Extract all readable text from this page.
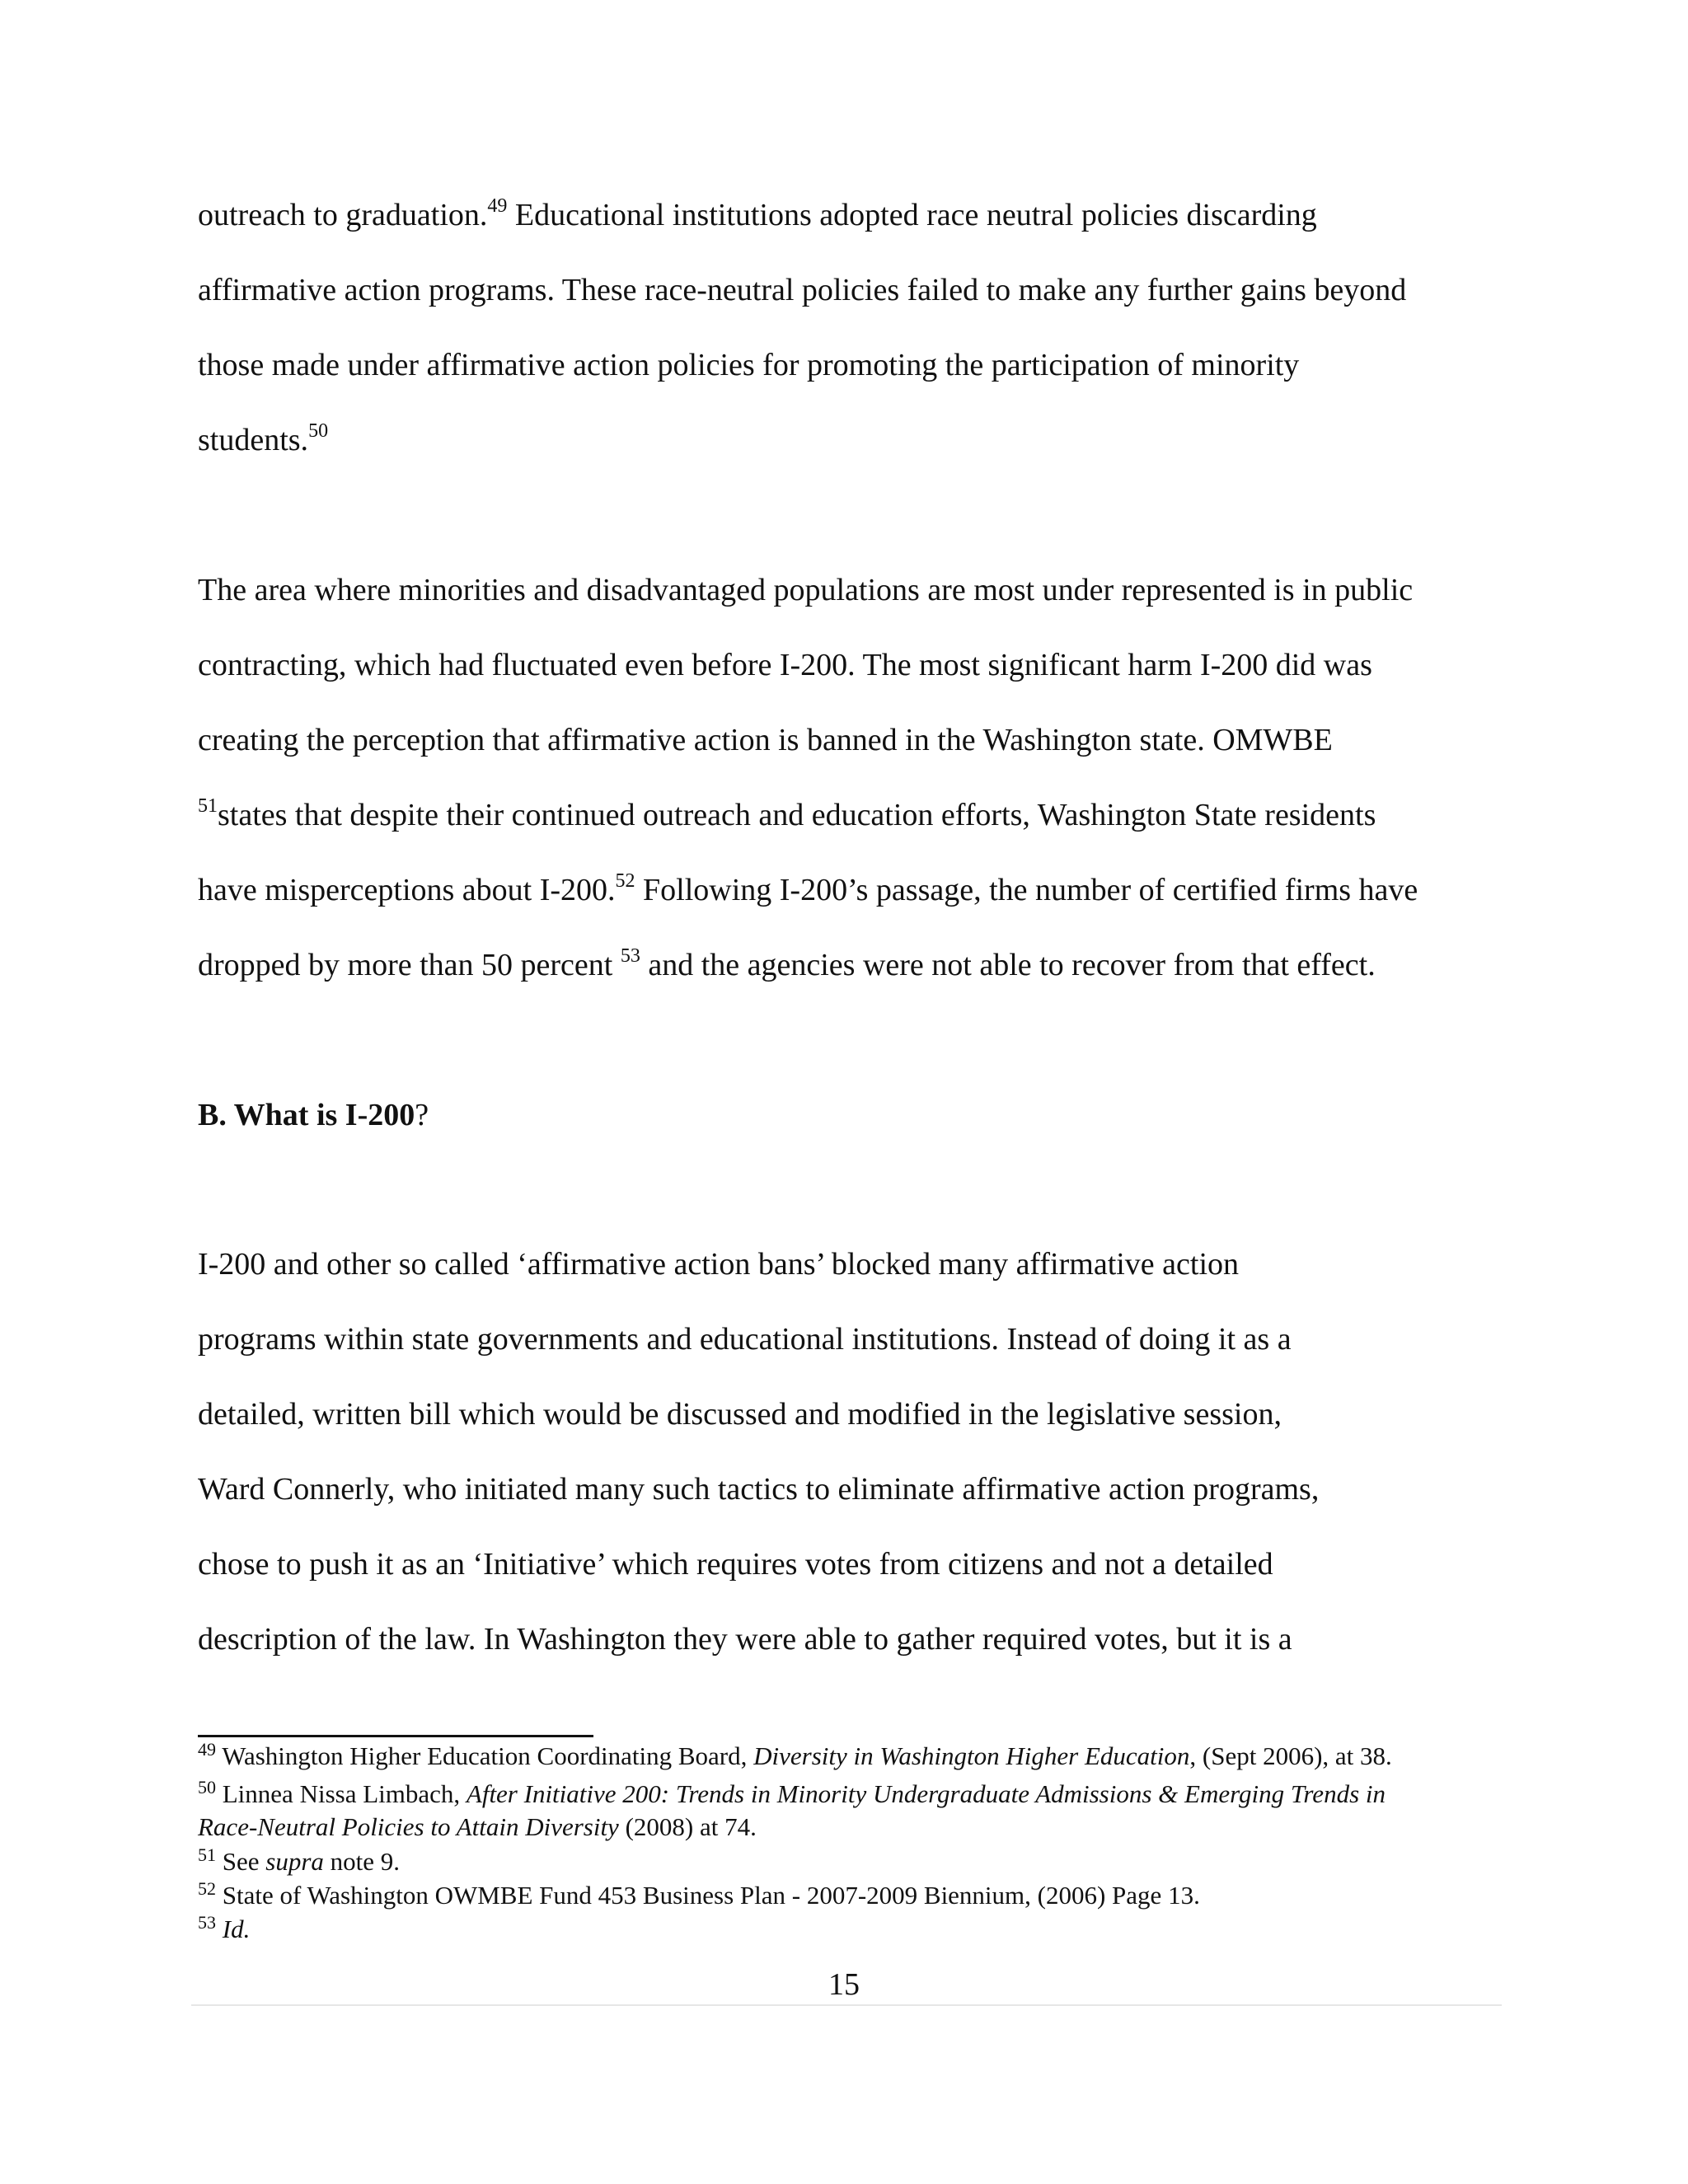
outreach to graduation.$^{49}$ Educational institutions adopted race neutral policies discarding

affirmative action programs. These race-neutral policies failed to make any further gains beyond

those made under affirmative action policies for promoting the participation of minority

students.$^{50}$

The area where minorities and disadvantaged populations are most under represented is in public

contracting, which had fluctuated even before I-200. The most significant harm I-200 did was

creating the perception that affirmative action is banned in the Washington state. OMWBE

$^{51}$states that despite their continued outreach and education efforts, Washington State residents

have misperceptions about I-200.52 Following I-200’s passage, the number of certified firms have

dropped by more than 50 percent $^{53}$ and the agencies were not able to recover from that effect.

B. What is I-200?

I-200 and other so called ‘affirmative action bans’ blocked many affirmative action

programs within state governments and educational institutions. Instead of doing it as a

detailed, written bill which would be discussed and modified in the legislative session,

Ward Connerly, who initiated many such tactics to eliminate affirmative action programs,

chose to push it as an ‘Initiative’ which requires votes from citizens and not a detailed

description of the law. In Washington they were able to gather required votes, but it is a

$^{49}$ Washington Higher Education Coordinating Board, Diversity in Washington Higher Education, (Sept 2006), at 38.

$^{50}$ Linnea Nissa Limbach, After Initiative 200: Trends in Minority Undergraduate Admissions & Emerging Trends in

Race-Neutral Policies to Attain Diversity (2008) at 74.

$^{51}$ See supra note 9.

$^{52}$ State of Washington OWMBE Fund 453 Business Plan - 2007-2009 Biennium, (2006) Page 13.

$^{53}$ Id.

15
